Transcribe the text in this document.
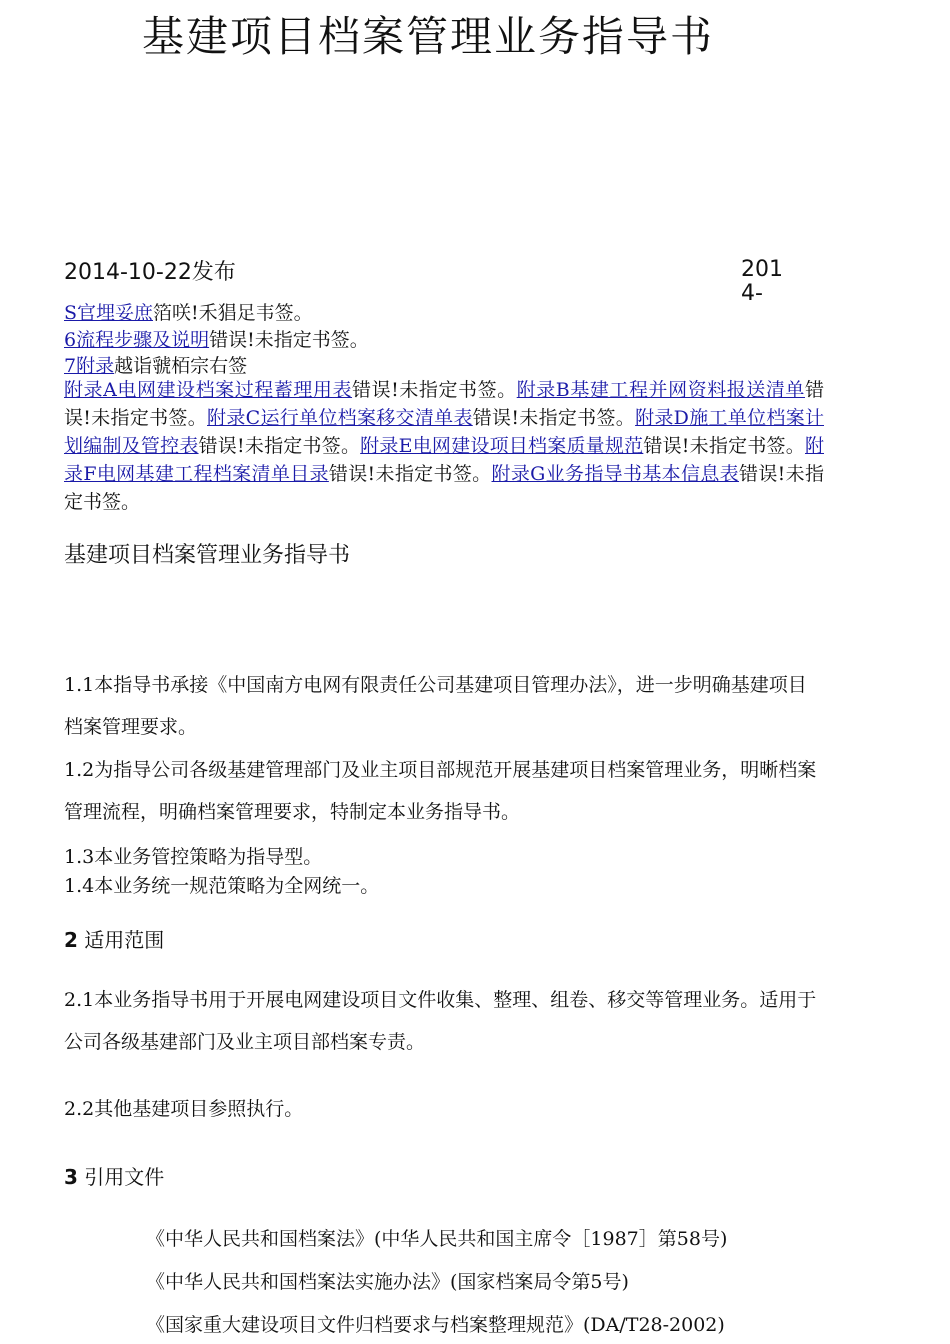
基建项目档案管理业务指导书
2014-10-22发布	201
4-
S官埋妥庶箔咲!禾猖足韦签。
6流程步骤及说明错误!未指定书签。
7附录越诣虢栢宗右签
附录A电网建设档案过程蓄理用表错误!未指定书签。附录B基建工程并网资料报送清单错误!未指定书签。附录C运行单位档案移交清单表错误!未指定书签。附录D施工单位档案计划编制及管控表错误!未指定书签。附录E电网建设项目档案质量规范错误!未指定书签。附录F电网基建工程档案清单目录错误!未指定书签。附录G业务指导书基本信息表错误!未指定书签。
基建项目档案管理业务指导书
1.1本指导书承接《中国南方电网有限责任公司基建项目管理办法》，进一步明确基建项目档案管理要求。
1.2为指导公司各级基建管理部门及业主项目部规范开展基建项目档案管理业务，明晰档案管理流程，明确档案管理要求，特制定本业务指导书。
1.3本业务管控策略为指导型。
1.4本业务统一规范策略为全网统一。
2 适用范围
2.1本业务指导书用于开展电网建设项目文件收集、整理、组卷、移交等管理业务。适用于公司各级基建部门及业主项目部档案专责。
2.2其他基建项目参照执行。
3 引用文件
《中华人民共和国档案法》(中华人民共和国主席令［1987］第58号)
《中华人民共和国档案法实施办法》(国家档案局令第5号)
《国家重大建设项目文件归档要求与档案整理规范》(DA/T28-2002)
